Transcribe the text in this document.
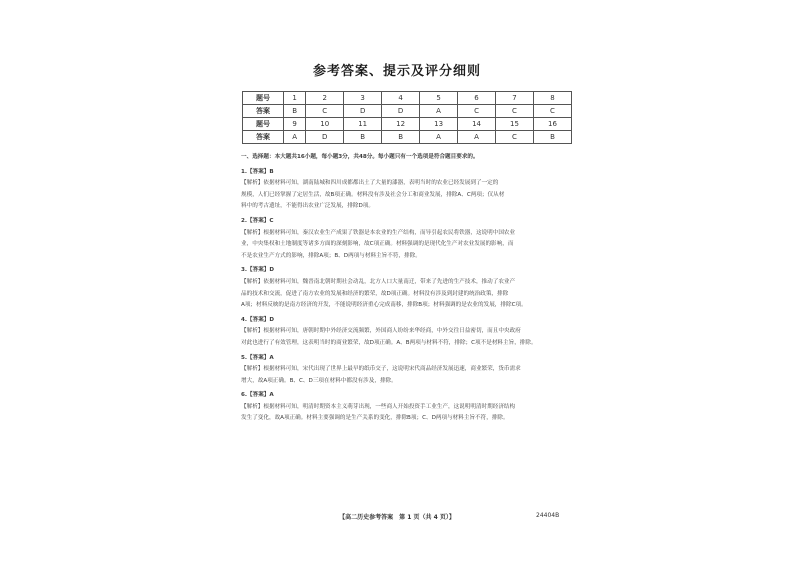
参考答案、提示及评分细则
题号	1	2	3	4	5	6	7	8
答案	B	C	D	D	A	C	C	C
题号	9	10	11	12	13	14	15	16
答案	A	D	B	B	A	A	C	B

一、选择题：本大题共16小题，每小题3分，共48分。每小题只有一个选项是符合题目要求的。

1.【答案】B

【解析】依据材料可知，湖南陆城和四川成都都出土了大量的漆器，表明当时的农业已经发展到了一定的

规模，人们已经掌握了定居生活，故B项正确。材料没有涉及社会分工和商业发展，排除A、C两项；仅从材

料中的考古遗址，不能得出农业广泛发展，排除D项。

2.【答案】C

【解析】根据材料可知，秦汉农业生产成果了铁器是本农业的生产结构，而导引起农民将铁器，这说明中国农业

业，中央集权和土地制度等诸多方面的深刻影响，故C项正确。材料强调的是现代化生产对农业发展的影响，而

不是农业生产方式的影响，排除A项；B、D两项与材料主旨不符，排除。

3.【答案】D

【解析】依据材料可知，魏晋南北朝时期社会动乱，北方人口大量南迁，带来了先进的生产技术，推动了农业产

品的技术和交流，促进了南方农业的发展和经济的繁荣，故D项正确。材料没有涉及到封建的统治政策，排除

A项；材料反映的是南方经济的开发，不能说明经济重心完成南移，排除B项；材料强调的是农业的发展，排除C项。

4.【答案】D

【解析】根据材料可知，唐朝时期中外经济交流频繁，外国商人纷纷来华经商，中外交往日益密切，而且中央政府

对此也进行了有效管理，这表明当时的商业繁荣，故D项正确。A、B两项与材料不符，排除；C项不是材料主旨，排除。

5.【答案】A

【解析】根据材料可知，宋代出现了世界上最早的纸币交子，这说明宋代商品经济发展迅速，商业繁荣，货币需求

增大，故A项正确。B、C、D三项在材料中都没有涉及，排除。

6.【答案】A

【解析】根据材料可知，明清时期资本主义萌芽出现，一些商人开始投资手工业生产，这说明明清时期经济结构

发生了变化，故A项正确。材料主要强调的是生产关系的变化，排除B项；C、D两项与材料主旨不符，排除。

【高二历史参考答案　第 1 页（共 4 页）】	24404B
